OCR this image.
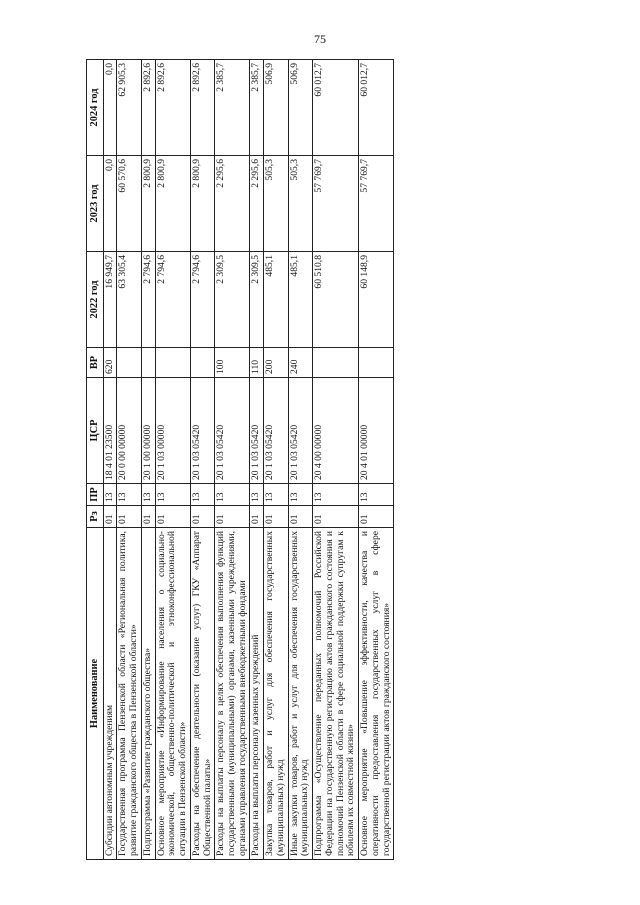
75
Наименование	Рз	ПР	ЦСР	ВР	2022 год	2023 год	2024 год
Субсидии автономным учреждениям	01	13	18 4 01 23500	620	16 949,7	0,0	0,0
Государственная программа Пензенской области «Региональная политика, развитие гражданского общества в Пензенской области»	01	13	20 0 00 00000		63 305,4	60 570,6	62 905,3
Подпрограмма «Развитие гражданского общества»	01	13	20 1 00 00000		2 794,6	2 800,9	2 892,6
Основное мероприятие «Информирование населения о социально-экономической, общественно-политической и этноконфессиональной ситуации в Пензенской области»	01	13	20 1 03 00000		2 794,6	2 800,9	2 892,6
Расходы на обеспечение деятельности (оказание услуг) ГКУ «Аппарат Общественной палаты»	01	13	20 1 03 05420		2 794,6	2 800,9	2 892,6
Расходы на выплаты персоналу в целях обеспечения выполнения функций государственными (муниципальными) органами, казенными учреждениями, органами управления государственными внебюджетными фондами	01	13	20 1 03 05420	100	2 309,5	2 295,6	2 385,7
Расходы на выплаты персоналу казенных учреждений	01	13	20 1 03 05420	110	2 309,5	2 295,6	2 385,7
Закупка товаров, работ и услуг для обеспечения государственных (муниципальных) нужд	01	13	20 1 03 05420	200	485,1	505,3	506,9
Иные закупки товаров, работ и услуг для обеспечения государственных (муниципальных) нужд	01	13	20 1 03 05420	240	485,1	505,3	506,9
Подпрограмма «Осуществление переданных полномочий Российской Федерации на государственную регистрацию актов гражданского состояния и полномочий Пензенской области в сфере социальной поддержки супругам к юбилеям их совместной жизни»	01	13	20 4 00 00000		60 510,8	57 769,7	60 012,7
Основное мероприятие «Повышение эффективности, качества и оперативности предоставления государственных услуг в сфере государственной регистрации актов гражданского состояния»	01	13	20 4 01 00000		60 148,9	57 769,7	60 012,7
